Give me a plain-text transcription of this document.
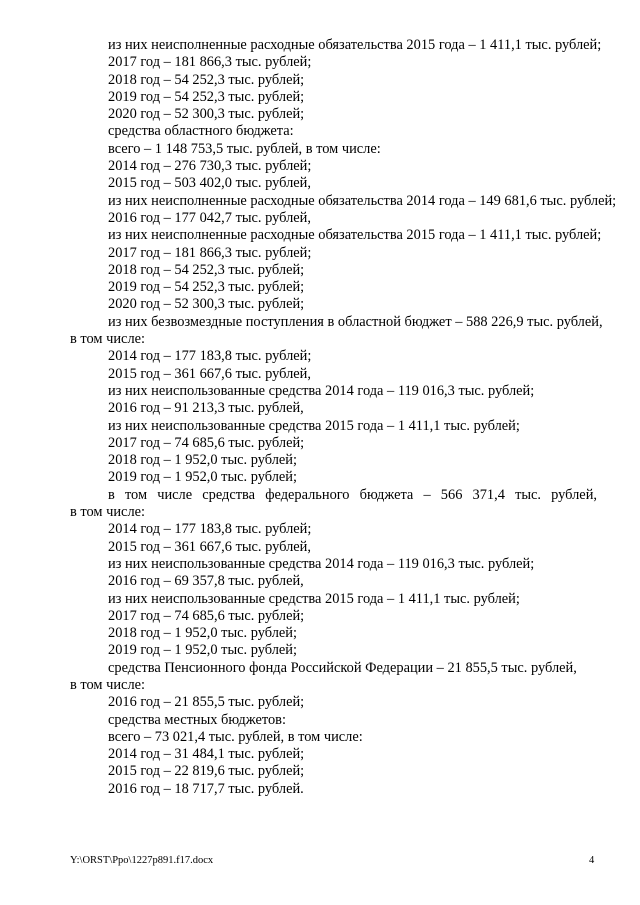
из них неисполненные расходные обязательства 2015 года – 1 411,1 тыс. рублей;
2017 год – 181 866,3 тыс. рублей;
2018 год – 54 252,3 тыс. рублей;
2019 год – 54 252,3 тыс. рублей;
2020 год – 52 300,3 тыс. рублей;
средства областного бюджета:
всего – 1 148 753,5 тыс. рублей, в том числе:
2014 год – 276 730,3 тыс. рублей;
2015 год – 503 402,0 тыс. рублей,
из них неисполненные расходные обязательства 2014 года – 149 681,6 тыс. рублей;
2016 год – 177 042,7 тыс. рублей,
из них неисполненные расходные обязательства 2015 года – 1 411,1 тыс. рублей;
2017 год – 181 866,3 тыс. рублей;
2018 год – 54 252,3 тыс. рублей;
2019 год – 54 252,3 тыс. рублей;
2020 год – 52 300,3 тыс. рублей;
из них безвозмездные поступления в областной бюджет – 588 226,9 тыс. рублей,
в том числе:
2014 год – 177 183,8 тыс. рублей;
2015 год – 361 667,6 тыс. рублей,
из них неиспользованные средства 2014 года – 119 016,3 тыс. рублей;
2016 год – 91 213,3 тыс. рублей,
из них неиспользованные средства 2015 года – 1 411,1 тыс. рублей;
2017 год – 74 685,6 тыс. рублей;
2018 год – 1 952,0 тыс. рублей;
2019 год – 1 952,0 тыс. рублей;
в том числе средства федерального бюджета – 566 371,4 тыс. рублей,
в том числе:
2014 год – 177 183,8 тыс. рублей;
2015 год – 361 667,6 тыс. рублей,
из них неиспользованные средства 2014 года – 119 016,3 тыс. рублей;
2016 год – 69 357,8 тыс. рублей,
из них неиспользованные средства 2015 года – 1 411,1 тыс. рублей;
2017 год – 74 685,6 тыс. рублей;
2018 год – 1 952,0 тыс. рублей;
2019 год – 1 952,0 тыс. рублей;
средства Пенсионного фонда Российской Федерации – 21 855,5 тыс. рублей,
в том числе:
2016 год – 21 855,5 тыс. рублей;
средства местных бюджетов:
всего – 73 021,4 тыс. рублей, в том числе:
2014 год – 31 484,1 тыс. рублей;
2015 год – 22 819,6 тыс. рублей;
2016 год – 18 717,7 тыс. рублей.
Y:\ORST\Ppo\1227p891.f17.docx	4
